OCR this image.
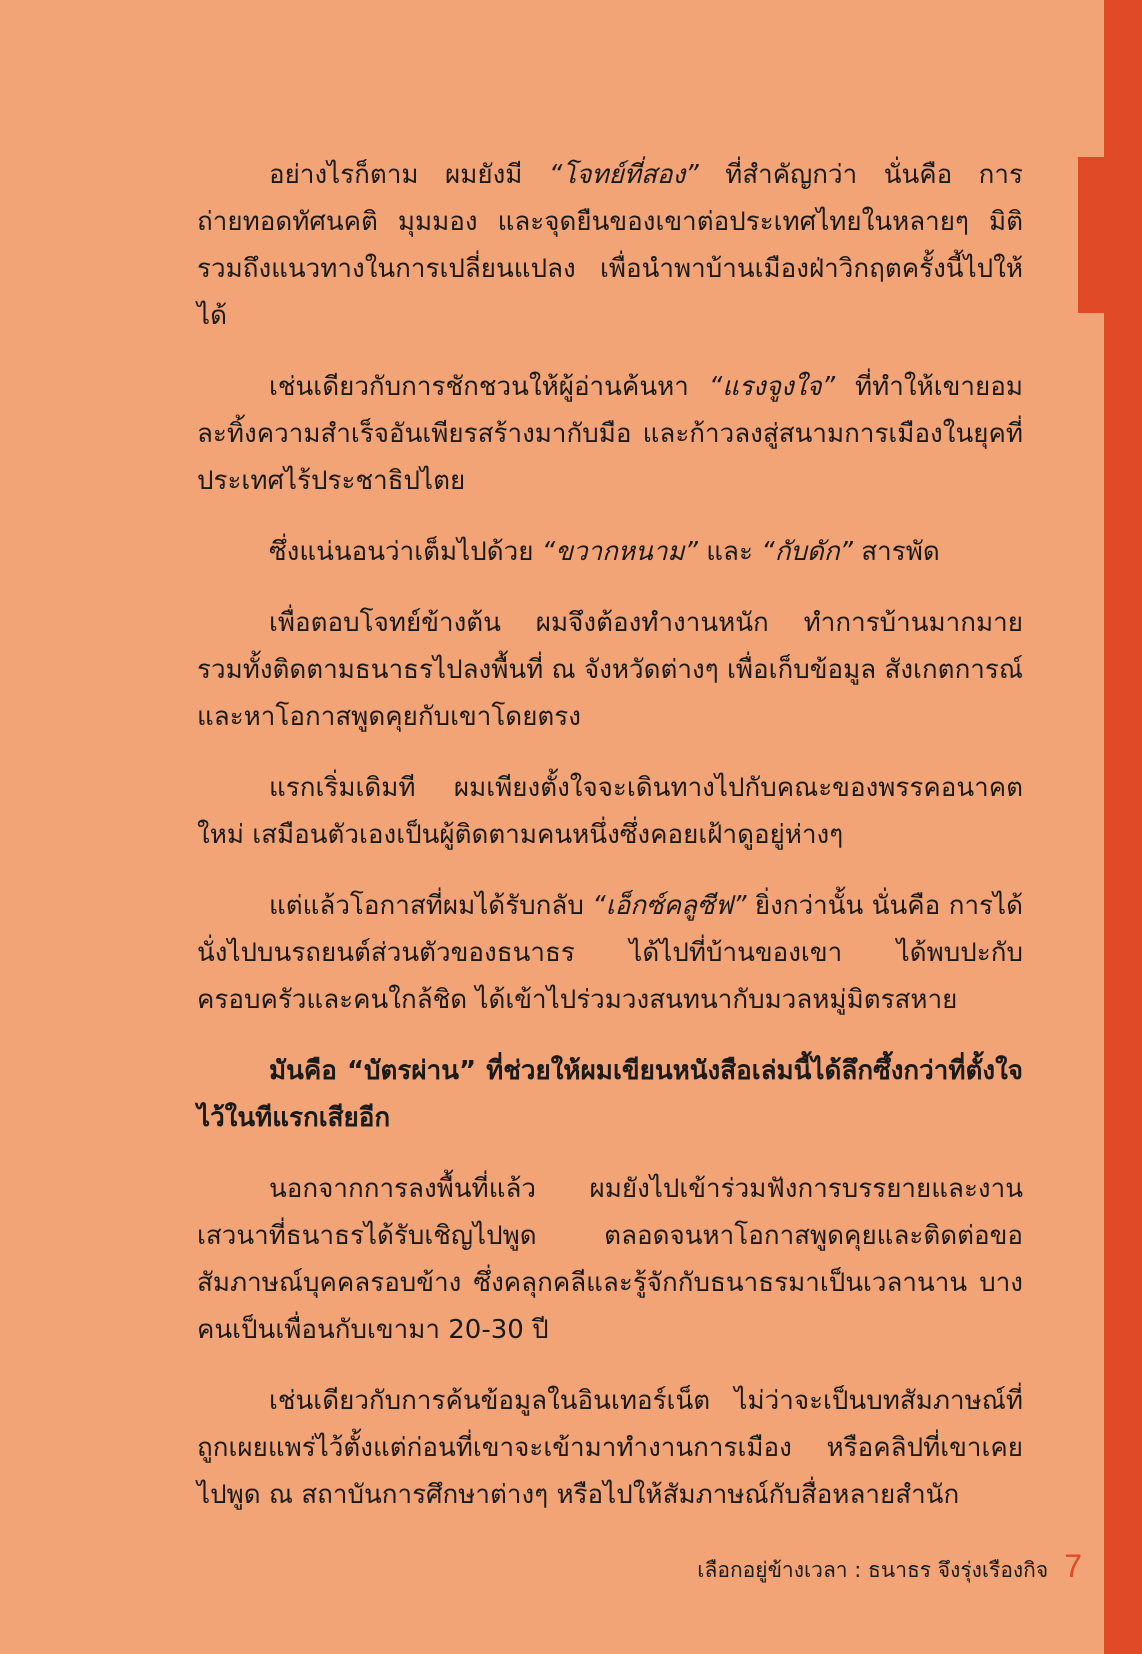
อย่างไรก็ตาม ผมยังมี “โจทย์ที่สอง” ที่สำคัญกว่า นั่นคือ การถ่ายทอดทัศนคติ มุมมอง และจุดยืนของเขาต่อประเทศไทยในหลายๆ มิติ รวมถึงแนวทางในการเปลี่ยนแปลง เพื่อนำพาบ้านเมืองฝ่าวิกฤตครั้งนี้ไปให้ได้

เช่นเดียวกับการชักชวนให้ผู้อ่านค้นหา “แรงจูงใจ” ที่ทำให้เขายอมละทิ้งความสำเร็จอันเพียรสร้างมากับมือ และก้าวลงสู่สนามการเมืองในยุคที่ประเทศไร้ประชาธิปไตย

ซึ่งแน่นอนว่าเต็มไปด้วย “ขวากหนาม” และ “กับดัก” สารพัด

เพื่อตอบโจทย์ข้างต้น ผมจึงต้องทำงานหนัก ทำการบ้านมากมาย รวมทั้งติดตามธนาธรไปลงพื้นที่ ณ จังหวัดต่างๆ เพื่อเก็บข้อมูล สังเกตการณ์ และหาโอกาสพูดคุยกับเขาโดยตรง

แรกเริ่มเดิมที ผมเพียงตั้งใจจะเดินทางไปกับคณะของพรรคอนาคตใหม่ เสมือนตัวเองเป็นผู้ติดตามคนหนึ่งซึ่งคอยเฝ้าดูอยู่ห่างๆ

แต่แล้วโอกาสที่ผมได้รับกลับ “เอ็กซ์คลูซีฟ” ยิ่งกว่านั้น นั่นคือ การได้นั่งไปบนรถยนต์ส่วนตัวของธนาธร ได้ไปที่บ้านของเขา ได้พบปะกับครอบครัวและคนใกล้ชิด ได้เข้าไปร่วมวงสนทนากับมวลหมู่มิตรสหาย

มันคือ “บัตรผ่าน” ที่ช่วยให้ผมเขียนหนังสือเล่มนี้ได้ลึกซึ้งกว่าที่ตั้งใจไว้ในทีแรกเสียอีก

นอกจากการลงพื้นที่แล้ว ผมยังไปเข้าร่วมฟังการบรรยายและงานเสวนาที่ธนาธรได้รับเชิญไปพูด ตลอดจนหาโอกาสพูดคุยและติดต่อขอสัมภาษณ์บุคคลรอบข้าง ซึ่งคลุกคลีและรู้จักกับธนาธรมาเป็นเวลานาน บางคนเป็นเพื่อนกับเขามา 20-30 ปี

เช่นเดียวกับการค้นข้อมูลในอินเทอร์เน็ต ไม่ว่าจะเป็นบทสัมภาษณ์ที่ถูกเผยแพร่ไว้ตั้งแต่ก่อนที่เขาจะเข้ามาทำงานการเมือง หรือคลิปที่เขาเคยไปพูด ณ สถาบันการศึกษาต่างๆ หรือไปให้สัมภาษณ์กับสื่อหลายสำนัก

เลือกอยู่ข้างเวลา : ธนาธร จึงรุ่งเรืองกิจ 7
